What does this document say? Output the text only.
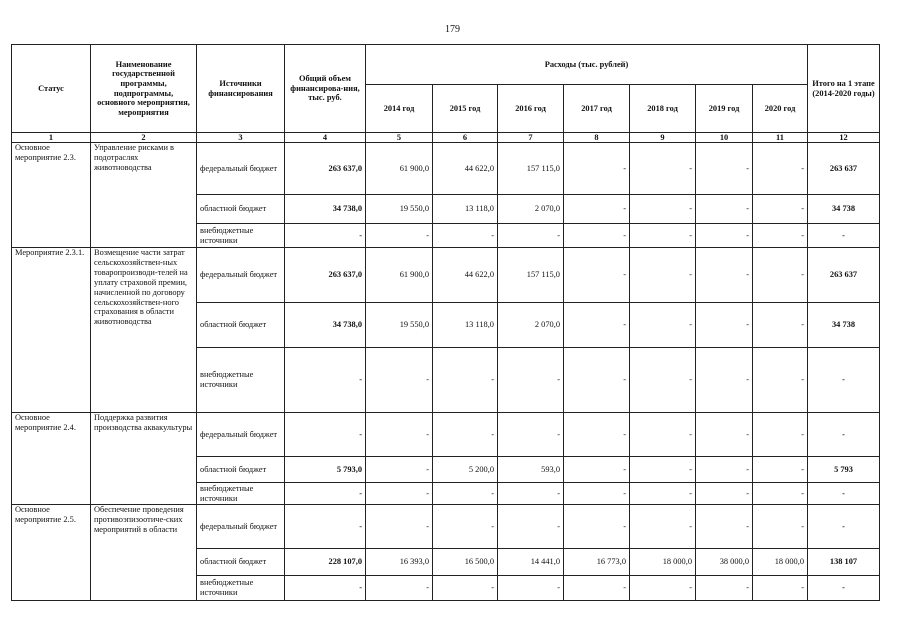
179
Статус	Наименование государственной программы, подпрограммы, основного мероприятия, мероприятия	Источники финансирования	Общий объем финансирова-ния, тыс. руб.	Расходы (тыс. рублей)							Итого на 1 этапе (2014-2020 годы)
				2014 год	2015 год	2016 год	2017 год	2018 год	2019 год	2020 год	
1	2	3	4	5	6	7	8	9	10	11	12
Основное мероприятие 2.3.	Управление рисками в подотраслях животноводства	федеральный бюджет	263 637,0	61 900,0	44 622,0	157 115,0	-	-	-	-	263 637
		областной бюджет	34 738,0	19 550,0	13 118,0	2 070,0	-	-	-	-	34 738
		внебюджетные источники	-	-	-	-	-	-	-	-	-
Мероприятие 2.3.1.	Возмещение части затрат сельскохозяйствен-ных товаропроизводи-телей на уплату страховой премии, начисленной по договору сельскохозяйствен-ного страхования в области животноводства	федеральный бюджет	263 637,0	61 900,0	44 622,0	157 115,0	-	-	-	-	263 637
		областной бюджет	34 738,0	19 550,0	13 118,0	2 070,0	-	-	-	-	34 738
		внебюджетные источники	-	-	-	-	-	-	-	-	-
Основное мероприятие 2.4.	Поддержка развития производства аквакультуры	федеральный бюджет	-	-	-	-	-	-	-	-	-
		областной бюджет	5 793,0	-	5 200,0	593,0	-	-	-	-	5 793
		внебюджетные источники	-	-	-	-	-	-	-	-	-
Основное мероприятие 2.5.	Обеспечение проведения противоэпизоотиче-ских мероприятий в области	федеральный бюджет	-	-	-	-	-	-	-	-	-
		областной бюджет	228 107,0	16 393,0	16 500,0	14 441,0	16 773,0	18 000,0	38 000,0	18 000,0	138 107
		внебюджетные источники	-	-	-	-	-	-	-	-	-
